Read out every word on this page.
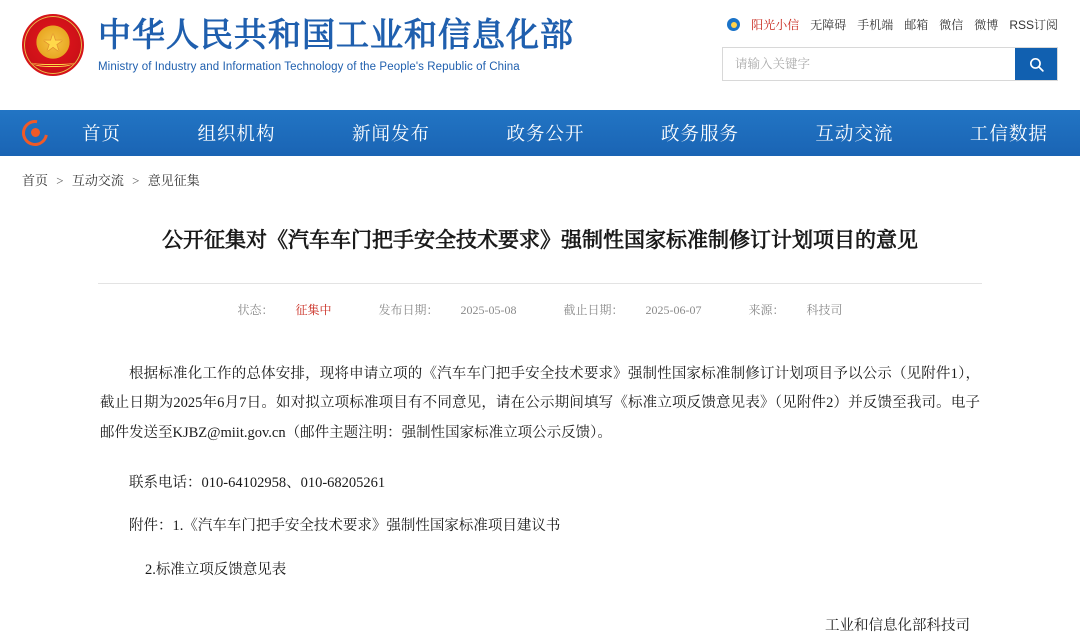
★
中华人民共和国工业和信息化部
Ministry of Industry and Information Technology of the People's Republic of China
阳光小信 无障碍 手机端 邮箱 微信 微博 RSS订阅
请输入关键字
首页	组织机构	新闻发布	政务公开	政务服务	互动交流	工信数据
首页 > 互动交流 > 意见征集
公开征集对《汽车车门把手安全技术要求》强制性国家标准制修订计划项目的意见
状态： 征集中	发布日期： 2025-05-08	截止日期： 2025-06-07	来源： 科技司

根据标准化工作的总体安排，现将申请立项的《汽车车门把手安全技术要求》强制性国家标准制修订计划项目予以公示（见附件1），截止日期为2025年6月7日。如对拟立项标准项目有不同意见，请在公示期间填写《标准立项反馈意见表》（见附件2）并反馈至我司。电子邮件发送至KJBZ@miit.gov.cn（邮件主题注明：强制性国家标准立项公示反馈）。

联系电话：010-64102958、010-68205261

附件：1.《汽车车门把手安全技术要求》强制性国家标准项目建议书

2.标准立项反馈意见表

工业和信息化部科技司
